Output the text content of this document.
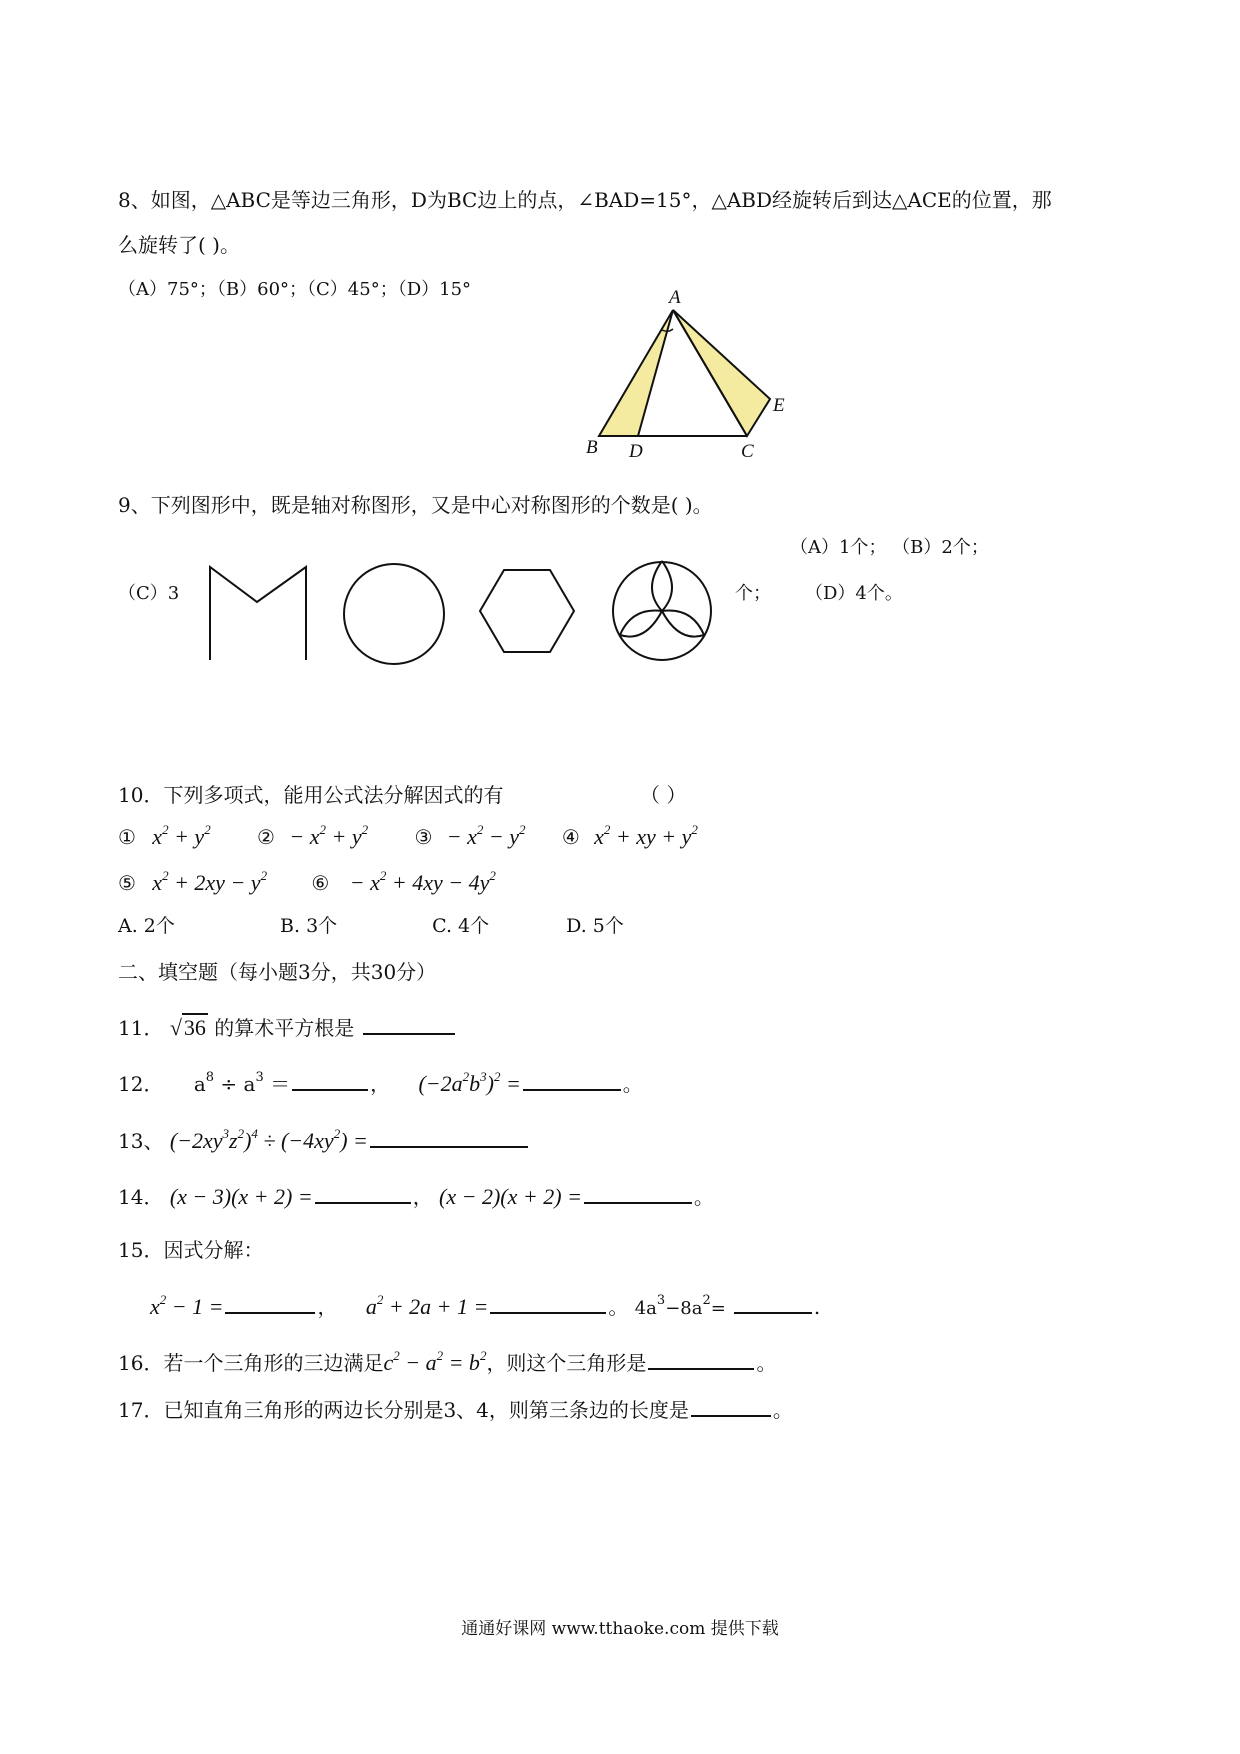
8、如图，△ABC是等边三角形，D为BC边上的点，∠BAD=15°，△ABD经旋转后到达△ACE的位置，那
么旋转了( )。
（A）75°；（B）60°；（C）45°；（D）15°	A
B D	C
E
9、下列图形中，既是轴对称图形，又是中心对称图形的个数是( )。
（A）1个； （B）2个；
（C）3	个； （D）4个。
10．下列多项式，能用公式法分解因式的有	（ ）
① $x^2 + y^2$ ② − $x^2 + y^2$ ③ − $x^2 - y^2$ ④ $x^2$ + xy + $y^2$
⑤ $x^2 + 2xy - y^2$ ⑥ − $x^2 + 4xy - 4y^2$
A. 2个	B. 3个	C. 4个	D. 5个
二、填空题（每小题3分，共30分）
11． √36 的算术平方根是
12． $a^8 \div a^3$ ＝	， $(-2a^2b^3)^2$ =	。
13、 $(-2xy^3z^2)^4 \div (-4xy^2)$ =
14． (x − 3)(x + 2) =	， (x − 2)(x + 2) =	。
15．因式分解：
$x^2 - 1$ =	， $a^2 + 2a + 1$ =	。 $4a^3-8a^2=$	.
16．若一个三角形的三边满足$c^2 - a^2 = b^2$，则这个三角形是	。
17．已知直角三角形的两边长分别是3、4，则第三条边的长度是	。
通通好课网 www.tthaoke.com 提供下载
